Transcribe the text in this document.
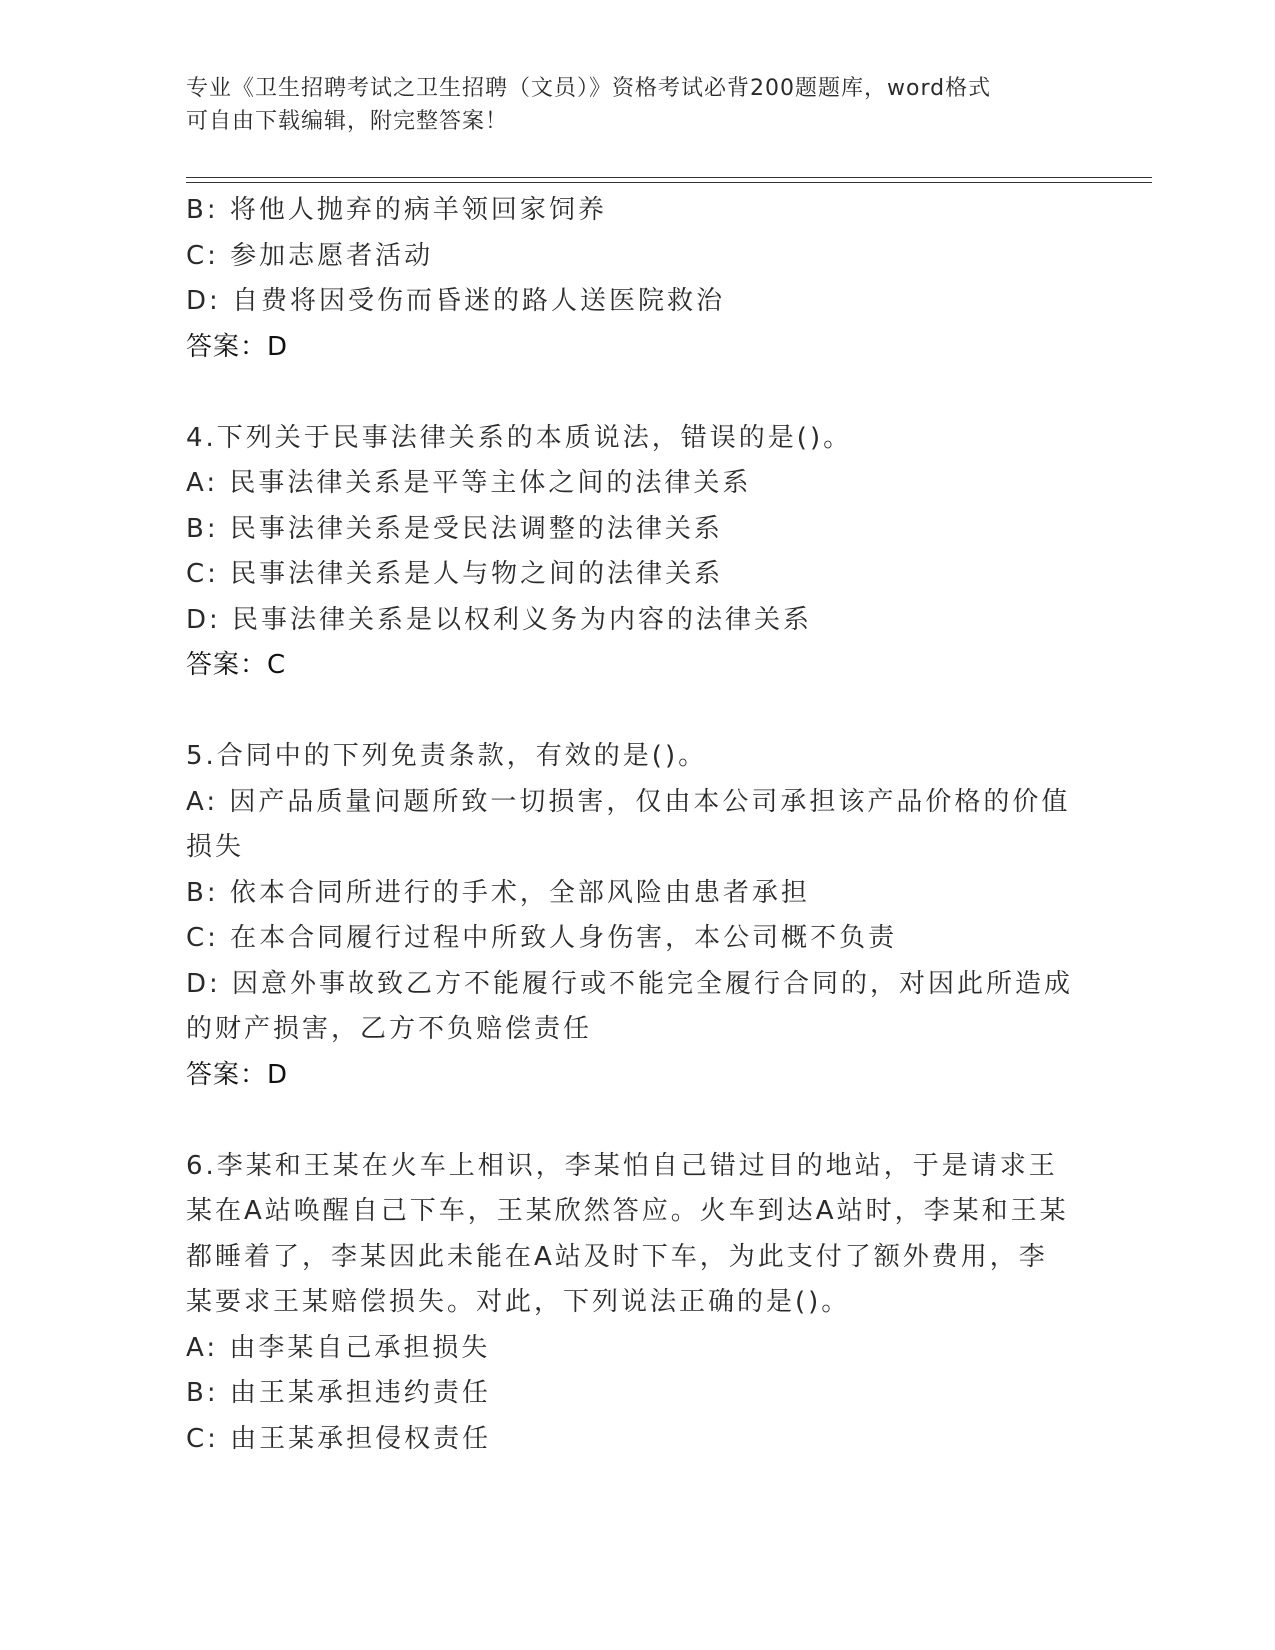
专业《卫生招聘考试之卫生招聘（文员）》资格考试必背200题题库，word格式
可自由下载编辑，附完整答案！
B: 将他人抛弃的病羊领回家饲养
C: 参加志愿者活动
D: 自费将因受伤而昏迷的路人送医院救治
答案：D
4.下列关于民事法律关系的本质说法，错误的是()。
A: 民事法律关系是平等主体之间的法律关系
B: 民事法律关系是受民法调整的法律关系
C: 民事法律关系是人与物之间的法律关系
D: 民事法律关系是以权利义务为内容的法律关系
答案：C
5.合同中的下列免责条款，有效的是()。
A: 因产品质量问题所致一切损害，仅由本公司承担该产品价格的价值损失
B: 依本合同所进行的手术，全部风险由患者承担
C: 在本合同履行过程中所致人身伤害，本公司概不负责
D: 因意外事故致乙方不能履行或不能完全履行合同的，对因此所造成的财产损害，乙方不负赔偿责任
答案：D
6.李某和王某在火车上相识，李某怕自己错过目的地站，于是请求王某在A站唤醒自己下车，王某欣然答应。火车到达A站时，李某和王某都睡着了，李某因此未能在A站及时下车，为此支付了额外费用，李某要求王某赔偿损失。对此，下列说法正确的是()。
A: 由李某自己承担损失
B: 由王某承担违约责任
C: 由王某承担侵权责任
